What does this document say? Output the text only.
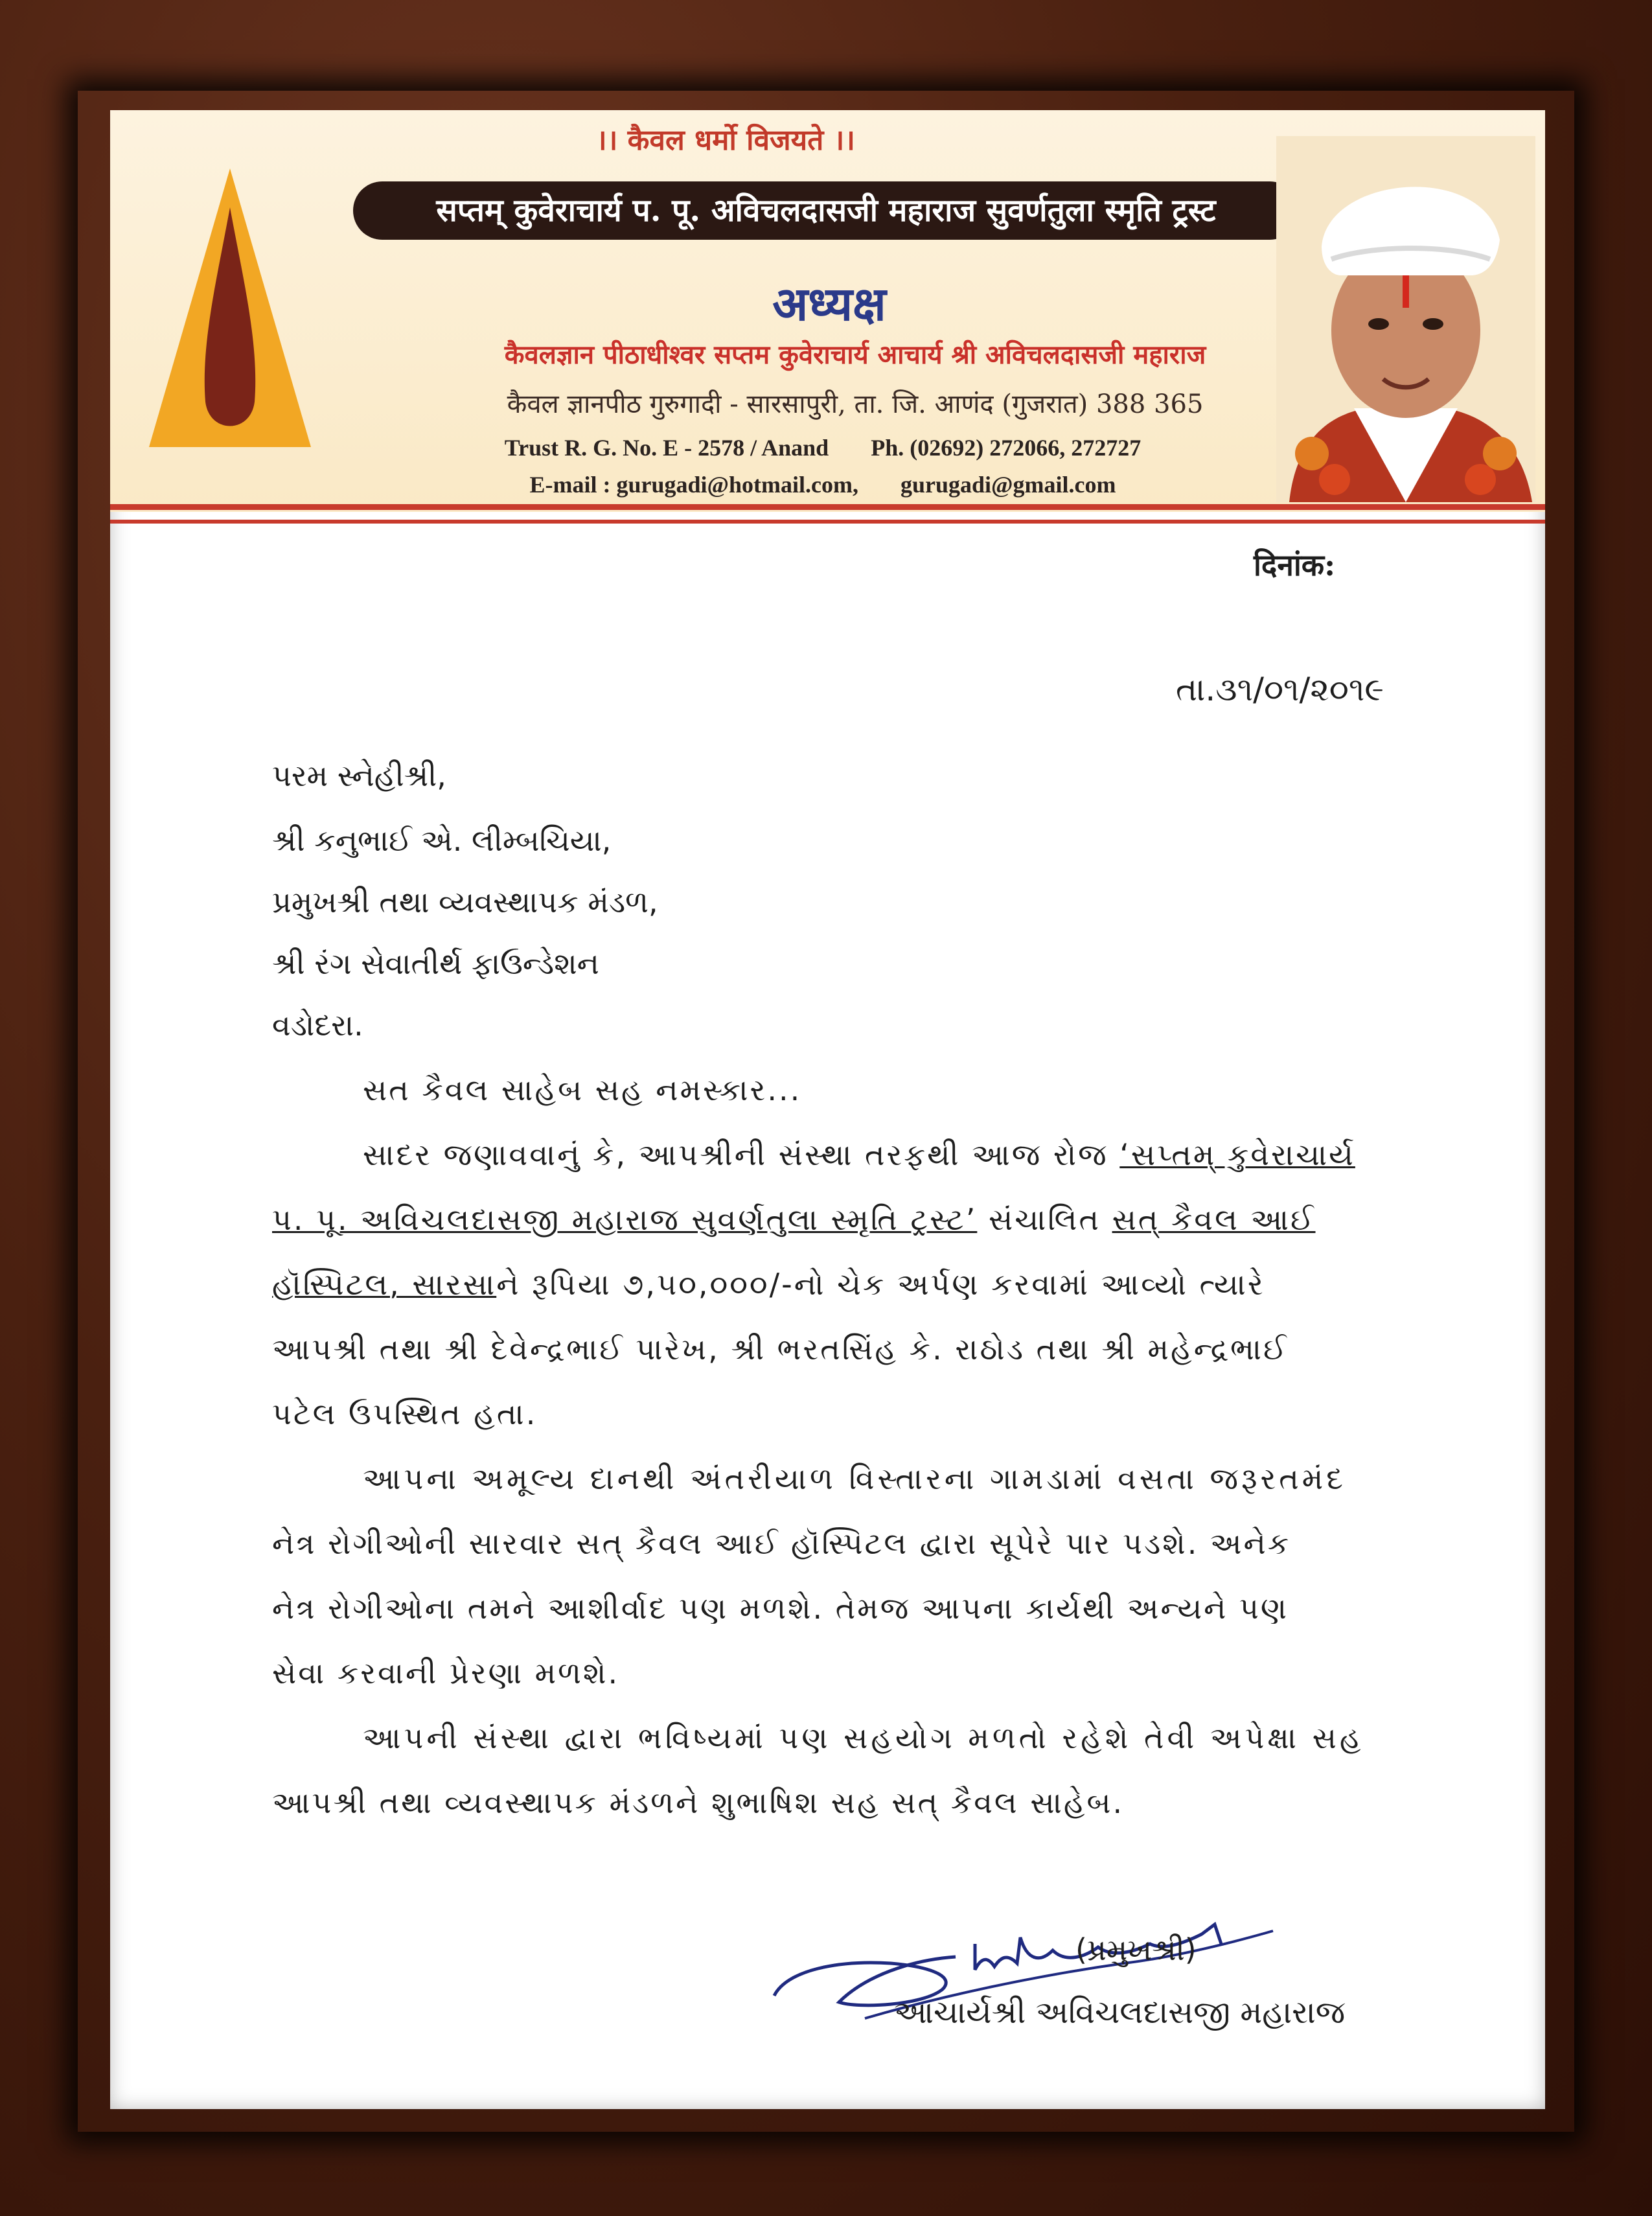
।। कैवल धर्मो विजयते ।।
सप्तम् कुवेराचार्य प. पू. अविचलदासजी महाराज सुवर्णतुला स्मृति ट्रस्ट
अध्यक्ष
कैवलज्ञान पीठाधीश्वर सप्तम कुवेराचार्य आचार्य श्री अविचलदासजी महाराज
कैवल ज्ञानपीठ गुरुगादी - सारसापुरी, ता. जि. आणंद (गुजरात) 388 365
Trust R. G. No. E - 2578 / Anand Ph. (02692) 272066, 272727
E-mail : gurugadi@hotmail.com, gurugadi@gmail.com
दिनांक:
તા.૩૧/૦૧/૨૦૧૯
પરમ સ્નેહીશ્રી,
શ્રી કનુભાઈ એ. લીમ્બચિયા,
પ્રમુખશ્રી તથા વ્યવસ્થાપક મંડળ,
શ્રી રંગ સેવાતીર્થ ફાઉન્ડેશન
વડોદરા.
સત કૈવલ સાહેબ સહ નમસ્કાર...
સાદર જણાવવાનું કે, આપશ્રીની સંસ્થા તરફથી આજ રોજ ‘સપ્તમ્ કુવેરાચાર્ય
પ. પૂ. અવિચલદાસજી મહારાજ સુવર્ણતુલા સ્મૃતિ ટ્રસ્ટ’ સંચાલિત સત્ કૈવલ આઈ
હૉસ્પિટલ, સારસાને રૂપિયા ૭,૫૦,૦૦૦/-નો ચેક અર્પણ કરવામાં આવ્યો ત્યારે
આપશ્રી તથા શ્રી દેવેન્દ્રભાઈ પારેખ, શ્રી ભરતસિંહ કે. રાઠોડ તથા શ્રી મહેન્દ્રભાઈ
પટેલ ઉપસ્થિત હતા.
આપના અમૂલ્ય દાનથી અંતરીયાળ વિસ્તારના ગામડામાં વસતા જરૂરતમંદ
નેત્ર રોગીઓની સારવાર સત્ કૈવલ આઈ હૉસ્પિટલ દ્વારા સૂપેરે પાર પડશે. અનેક
નેત્ર રોગીઓના તમને આશીર્વાદ પણ મળશે. તેમજ આપના કાર્યથી અન્યને પણ
સેવા કરવાની પ્રેરણા મળશે.
આપની સંસ્થા દ્વારા ભવિષ્યમાં પણ સહયોગ મળતો રહેશે તેવી અપેક્ષા સહ
આપશ્રી તથા વ્યવસ્થાપક મંડળને શુભાષિશ સહ સત્ કૈવલ સાહેબ.
(પ્રમુખશ્રી)
આચાર્યશ્રી અવિચલદાસજી મહારાજ
